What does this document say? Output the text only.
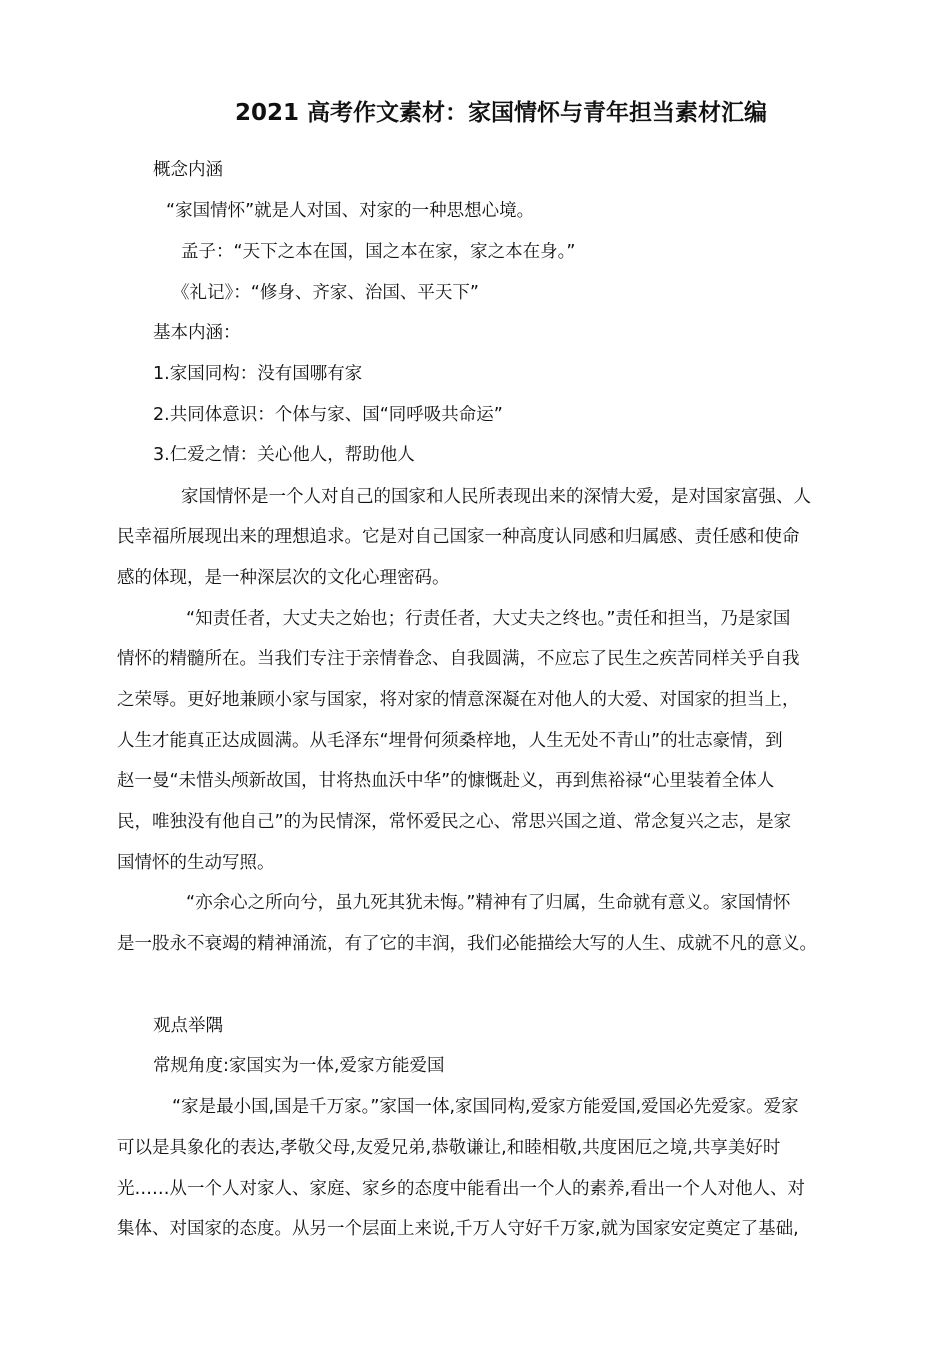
2021 高考作文素材：家国情怀与青年担当素材汇编
概念内涵
“家国情怀”就是人对国、对家的一种思想心境。
孟子：“天下之本在国，国之本在家，家之本在身。”
《礼记》：“修身、齐家、治国、平天下”
基本内涵：
1.家国同构：没有国哪有家
2.共同体意识：个体与家、国“同呼吸共命运”
3.仁爱之情：关心他人，帮助他人
家国情怀是一个人对自己的国家和人民所表现出来的深情大爱，是对国家富强、人
民幸福所展现出来的理想追求。它是对自己国家一种高度认同感和归属感、责任感和使命
感的体现，是一种深层次的文化心理密码。
“知责任者，大丈夫之始也；行责任者，大丈夫之终也。”责任和担当，乃是家国
情怀的精髓所在。当我们专注于亲情眷念、自我圆满，不应忘了民生之疾苦同样关乎自我
之荣辱。更好地兼顾小家与国家，将对家的情意深凝在对他人的大爱、对国家的担当上，
人生才能真正达成圆满。从毛泽东“埋骨何须桑梓地，人生无处不青山”的壮志豪情，到
赵一曼“未惜头颅新故国，甘将热血沃中华”的慷慨赴义，再到焦裕禄“心里装着全体人
民，唯独没有他自己”的为民情深，常怀爱民之心、常思兴国之道、常念复兴之志，是家
国情怀的生动写照。
“亦余心之所向兮，虽九死其犹未悔。”精神有了归属，生命就有意义。家国情怀
是一股永不衰竭的精神涌流，有了它的丰润，我们必能描绘大写的人生、成就不凡的意义。
观点举隅
常规角度:家国实为一体,爱家方能爱国
“家是最小国,国是千万家。”家国一体,家国同构,爱家方能爱国,爱国必先爱家。爱家
可以是具象化的表达,孝敬父母,友爱兄弟,恭敬谦让,和睦相敬,共度困厄之境,共享美好时
光……从一个人对家人、家庭、家乡的态度中能看出一个人的素养,看出一个人对他人、对
集体、对国家的态度。从另一个层面上来说,千万人守好千万家,就为国家安定奠定了基础,
